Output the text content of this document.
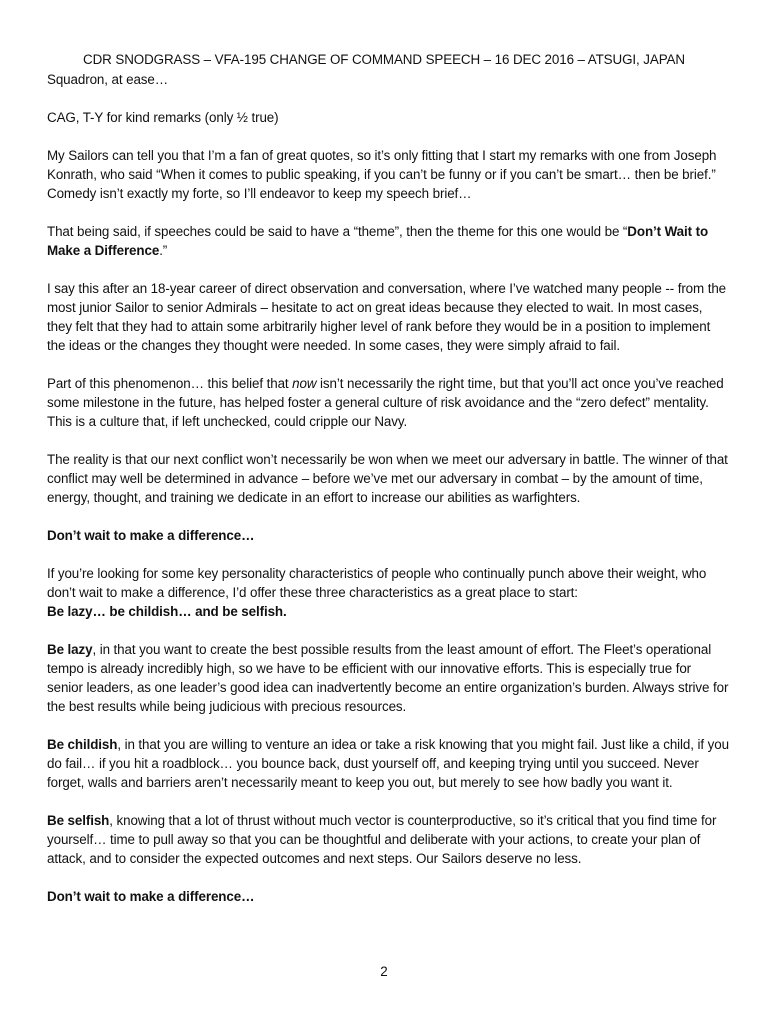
CDR SNODGRASS – VFA-195 CHANGE OF COMMAND SPEECH – 16 DEC 2016 – ATSUGI, JAPAN

Squadron, at ease…

CAG, T-Y for kind remarks (only ½ true)

My Sailors can tell you that I’m a fan of great quotes, so it’s only fitting that I start my remarks with one from Joseph Konrath, who said “When it comes to public speaking, if you can’t be funny or if you can’t be smart… then be brief.” Comedy isn’t exactly my forte, so I’ll endeavor to keep my speech brief…

That being said, if speeches could be said to have a “theme”, then the theme for this one would be “Don’t Wait to Make a Difference.”

I say this after an 18-year career of direct observation and conversation, where I’ve watched many people -- from the most junior Sailor to senior Admirals – hesitate to act on great ideas because they elected to wait. In most cases, they felt that they had to attain some arbitrarily higher level of rank before they would be in a position to implement the ideas or the changes they thought were needed. In some cases, they were simply afraid to fail.

Part of this phenomenon… this belief that now isn’t necessarily the right time, but that you’ll act once you’ve reached some milestone in the future, has helped foster a general culture of risk avoidance and the “zero defect” mentality. This is a culture that, if left unchecked, could cripple our Navy.

The reality is that our next conflict won’t necessarily be won when we meet our adversary in battle. The winner of that conflict may well be determined in advance – before we’ve met our adversary in combat – by the amount of time, energy, thought, and training we dedicate in an effort to increase our abilities as warfighters.

Don’t wait to make a difference…

If you’re looking for some key personality characteristics of people who continually punch above their weight, who don’t wait to make a difference, I’d offer these three characteristics as a great place to start:
Be lazy… be childish… and be selfish.

Be lazy, in that you want to create the best possible results from the least amount of effort. The Fleet’s operational tempo is already incredibly high, so we have to be efficient with our innovative efforts. This is especially true for senior leaders, as one leader’s good idea can inadvertently become an entire organization’s burden. Always strive for the best results while being judicious with precious resources.

Be childish, in that you are willing to venture an idea or take a risk knowing that you might fail. Just like a child, if you do fail… if you hit a roadblock… you bounce back, dust yourself off, and keeping trying until you succeed. Never forget, walls and barriers aren’t necessarily meant to keep you out, but merely to see how badly you want it.

Be selfish, knowing that a lot of thrust without much vector is counterproductive, so it’s critical that you find time for yourself… time to pull away so that you can be thoughtful and deliberate with your actions, to create your plan of attack, and to consider the expected outcomes and next steps. Our Sailors deserve no less.

Don’t wait to make a difference…

2
